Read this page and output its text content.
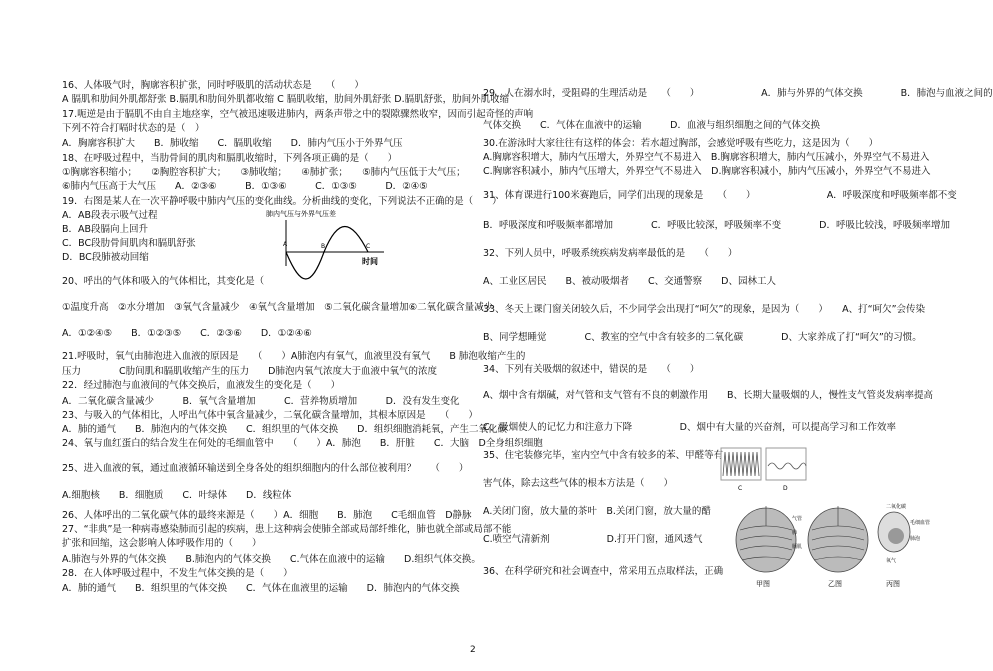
16、人体吸气时，胸廓容积扩张，同时呼吸肌的活动状态是　　（　　）
A 膈肌和肋间外肌都舒张 B.膈肌和肋间外肌都收缩 C 膈肌收缩，肋间外肌舒张 D.膈肌舒张，肋间外肌收缩
17.呃逆是由于膈肌不由自主地痉挛，空气被迅速吸进肺内，两条声带之中的裂隙骤然收窄，因而引起奇怪的声响
下列不符合打嗝时状态的是（　）
A．胸廓容积扩大　　B．肺收缩　　C．膈肌收缩　　D．肺内气压小于外界气压
18、在呼吸过程中，当肋骨间的肌肉和膈肌收缩时，下列各项正确的是（　　）
①胸廓容积缩小；　　②胸腔容积扩大；　　③肺收缩；　　④肺扩张；　　⑤肺内气压低于大气压；
⑥肺内气压高于大气压　　A．②③⑥　　　B．①③⑥　　　C．①③⑤　　　D．②④⑤
19．右图是某人在一次平静呼吸中肺内气压的变化曲线。分析曲线的变化，下列说法不正确的是（　　）
A．AB段表示吸气过程
B．AB段膈向上回升
C．BC段肋骨间肌肉和膈肌舒张
D．BC段肺被动回缩
20、呼出的气体和吸入的气体相比，其变化是（
①温度升高　②水分增加　③氧气含量减少　④氧气含量增加　⑤二氧化碳含量增加⑥二氧化碳含量减少
A．①②④⑤　　B．①②③⑤　　C．②③⑥　　D．①②④⑥
21.呼吸时，氧气由肺泡进入血液的原因是　　（　　）A肺泡内有氧气，血液里没有氧气　　B 肺泡收缩产生的
压力　　　　C肋间肌和膈肌收缩产生的压力　　D肺泡内氧气浓度大于血液中氧气的浓度
22．经过肺泡与血液间的气体交换后，血液发生的变化是（　　）
A．二氧化碳含量减少　　　B．氧气含量增加　　　C．营养物质增加　　　D．没有发生变化
23、与吸入的气体相比，人呼出气体中氧含量减少，二氧化碳含量增加，其根本原因是　　（　　）
A．肺的通气　　B．肺泡内的气体交换　　C．组织里的气体交换　　D．组织细胞消耗氧，产生二氧化碳
24、氧与血红蛋白的结合发生在何处的毛细血管中　　（　　）A．肺泡　　B．肝脏　　C．大脑　D全身组织细胞
25、进入血液的氧，通过血液循环输送到全身各处的组织细胞内的什么部位被利用？　　（　　）
A.细胞核　　B．细胞质　　C．叶绿体　　D．线粒体
26、人体呼出的二氧化碳气体的最终来源是（　　）A．细胞　　B．肺泡　　C毛细血管　D静脉
27、“非典”是一种病毒感染肺而引起的疾病，患上这种病会使肺全部或局部纤维化，肺也就全部或局部不能
扩张和回缩，这会影响人体呼吸作用的（　　）
A.肺泡与外界的气体交换　　B.肺泡内的气体交换　　C.气体在血液中的运输　　D.组织气体交换。
28．在人体呼吸过程中，不发生气体交换的是（　　）
A．肺的通气　　B．组织里的气体交换　　C．气体在血液里的运输　　D．肺泡内的气体交换
29、人在溺水时，受阻碍的生理活动是　　（　　）　　　　　　　A．肺与外界的气体交换　　　　B．肺泡与血液之间的
气体交换　　C．气体在血液中的运输　　　D．血液与组织细胞之间的气体交换
30.在游泳时大家往往有这样的体会：若水超过胸部，会感觉呼吸有些吃力，这是因为（　　）
A.胸廓容积增大，肺内气压增大，外界空气不易进入　B.胸廓容积增大，肺内气压减小，外界空气不易进入
C.胸廓容积减小，肺内气压增大，外界空气不易进入　D.胸廓容积减小，肺内气压减小，外界空气不易进入
31、体育课进行100米赛跑后，同学们出现的现象是　　（　　）　　　　　　　　A．呼吸深度和呼吸频率都不变
B．呼吸深度和呼吸频率都增加　　　　C．呼吸比较深，呼吸频率不变　　　　D．呼吸比较浅，呼吸频率增加
32、下列人员中，呼吸系统疾病发病率最低的是　　（　　）
A、工业区居民　　B、被动吸烟者　　C、交通警察　　D、园林工人
33、冬天上课门窗关闭较久后，不少同学会出现打“呵欠”的现象，是因为（　　）　　A、打“呵欠”会传染
B、同学想睡觉　　　　C、教室的空气中含有较多的二氧化碳　　　　D、大家养成了打“呵欠”的习惯。
34、下列有关吸烟的叙述中，错误的是　　（　　）
A、烟中含有烟碱，对气管和支气管有不良的刺激作用　　B、长期大量吸烟的人，慢性支气管炎发病率提高
C、吸烟使人的记忆力和注意力下降　　　　　D、烟中有大量的兴奋剂，可以提高学习和工作效率
35、住宅装修完毕，室内空气中含有较多的苯、甲醛等有
害气体，除去这些气体的根本方法是（　　）
A.关闭门窗，放大量的茶叶　B.关闭门窗，放大量的醋
C.喷空气清新剂　　　　　　D.打开门窗，通风透气
36、在科学研究和社会调查中，常采用五点取样法，正确
肺内气压与外界气压差
A	B	C
时间
C	D
甲图	乙图	丙图
气管
肺
膈肌
二氧化碳
毛细血管
肺泡
氧气
2
